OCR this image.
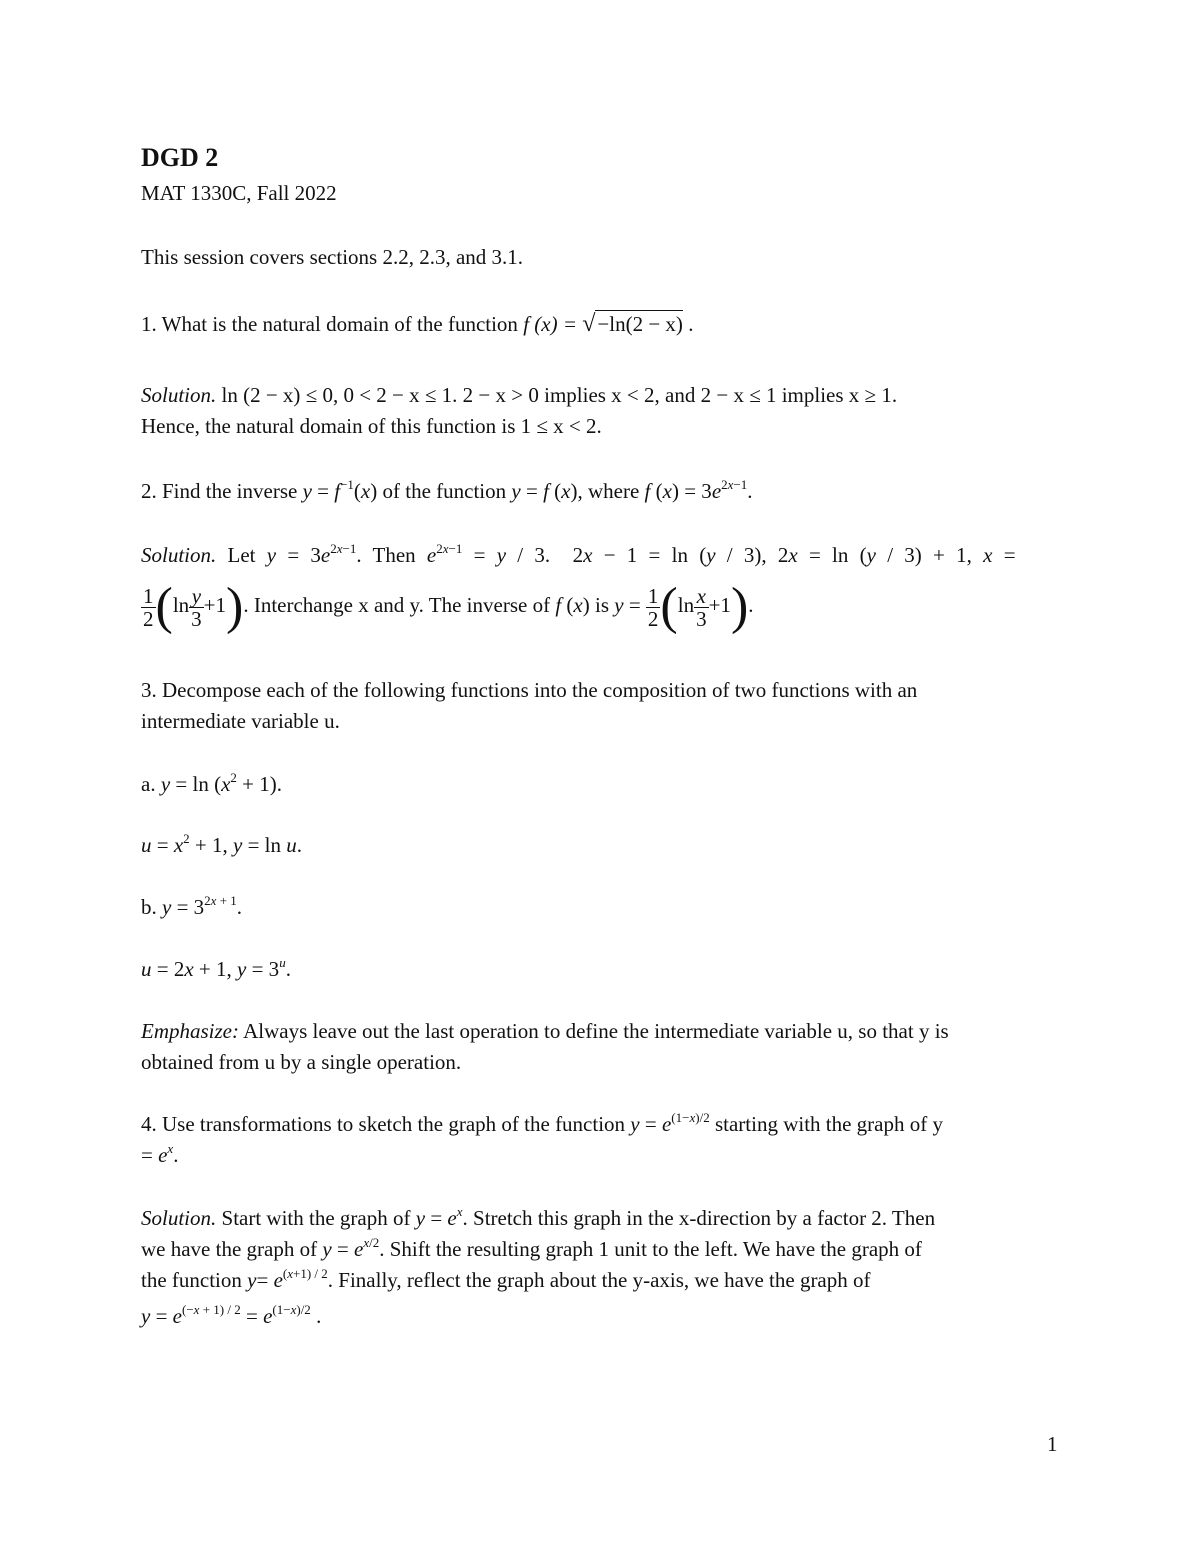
DGD 2
MAT 1330C, Fall 2022
This session covers sections 2.2, 2.3, and 3.1.
1. What is the natural domain of the function f (x) = √−ln(2 − x) .
Solution. ln (2 − x) ≤ 0, 0 < 2 − x ≤ 1. 2 − x > 0 implies x < 2, and 2 − x ≤ 1 implies x ≥ 1.
Hence, the natural domain of this function is 1 ≤ x < 2.
2. Find the inverse $y = f^{-1}(x)$ of the function y = f (x), where f $(x) = 3e^{2x-1}$.
Solution. Let $y = 3e^{2x-1}$. Then $e^{2x-1} = y / 3$.  2x − 1 = ln (y / 3), 2x = ln (y / 3) + 1, x =
$\frac{1}{2} (\ln \frac{y}{3} +1)$. Interchange x and y. The inverse of f (x) is $y = \frac{1}{2} (\ln \frac{x}{3} +1)$.
3. Decompose each of the following functions into the composition of two functions with an
intermediate variable u.
a. $y = \ln (x^2 + 1)$.
$u = x^2 + 1$, y = ln u.
b. $y = 3^{2x + 1}$.
u = 2x + 1, $y = 3^u$.
Emphasize: Always leave out the last operation to define the intermediate variable u, so that y is
obtained from u by a single operation.
4. Use transformations to sketch the graph of the function $y = e^{(1-x)/2}$ starting with the graph of y
= $e^x$.
Solution. Start with the graph of $y = e^x$. Stretch this graph in the x-direction by a factor 2. Then
we have the graph of $y = e^{x/2}$. Shift the resulting graph 1 unit to the left. We have the graph of
the function $y= e^{(x+1) / 2}$. Finally, reflect the graph about the y-axis, we have the graph of
$y = e^{(-x + 1) / 2} = e^{(1-x)/2}$ .
1
